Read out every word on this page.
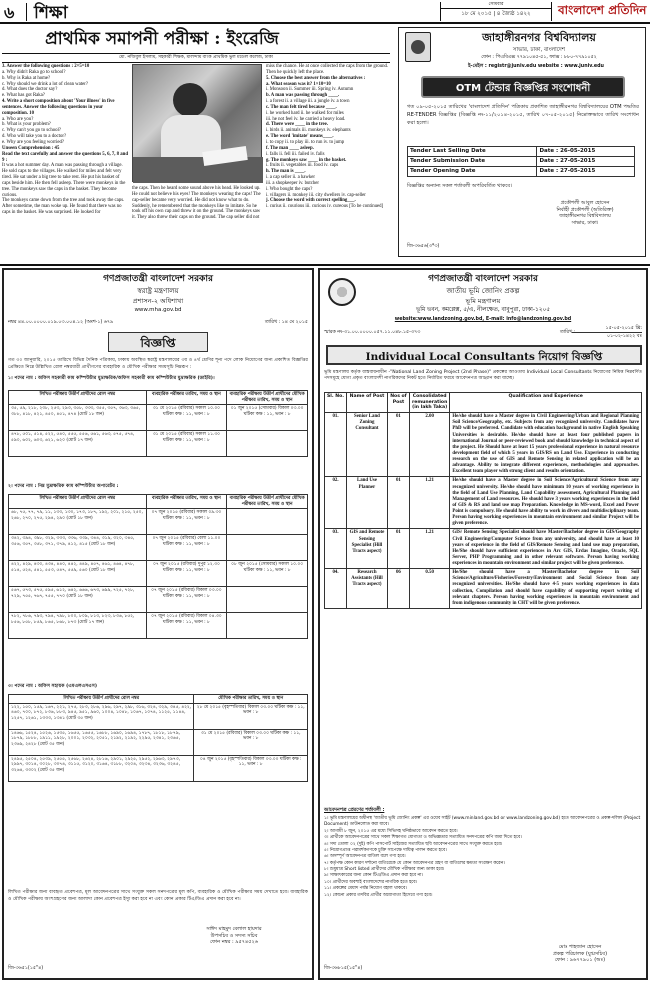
৬ শিক্ষা	সোমবার
১৮ মে ২০১৫ | ৪ জ্যৈষ্ঠ ১৪২২	বাংলাদেশ প্রতিদিন
প্রাথমিক সমাপনী পরীক্ষা : ইংরেজি
মো. নজিবুল ইসলাম, সহকারী শিক্ষক, মালন্দাম বাংক প্রাথমিক ভুল মডেল কলেজ, ঢাকা
3. Answer the following questions : 2×5=10
a. Why didn't Raka go to school?
b. Why is Raka at home?
c. Why should we drink a lot of clean water?
d. What does the doctor say?
e. What has got Raka?
4. Write a short composition about 'Your illness' in five sentences. Answer the following questions in your composition. 10
a. Who are you?
b. What is your problem?
c. Why can't you go to school?
d. Who will take you to a doctor?
e. Why are you feeling worried?
Unseen Comprehension : 45
Read the text carefully and answer the questions 5, 6, 7, 8 and 9 :
It was a hot summer day. A man was passing through a village. He sold caps to the villages. He walked for miles and felt very tired. He sat under a big tree to take rest. He put his basket of caps beside him. He then fell asleep. There were monkeys in the tree. The monkeys saw the caps in the basket. They become curious.
The monkeys came down from the tree and took away the caps. After sometime, the man woke up. He found that there was no caps in the basket. He was surprised. He looked for
the caps. Then he heard some sound above his head. He looked up. He could not believe his eyes! The monkeys wearing the caps! The cap-seller became very worried. He did not know what to do. Suddenly, he remembered that the monkeys like to imitate. So he took off his own cap and threw it on the ground. The monkeys saw it. They also threw their caps on the ground. The cap seller did not
miss the chance. He at once collected the caps from the ground. Then he quickly left the place.
5. Choose the best answer from the alternatives :
a. What season was it? 1×10=10
i. Monsoon ii. Summer iii. Spring iv. Autumn
b. A man was passing through ____.
i. a forest ii. a village iii. a jungle iv. a town
c. The man felt tired because ____.
i. he worked hard ii. he walked for miles
iii. he not feel iv. he carried a heavy load.
d. There were ____ in the tree.
i. birds ii. animals iii. monkeys iv. elephants
e. The word 'imitate' means____.
i. to copy ii. to play iii. to run iv. to jump
f. The man ____ asleep.
i. falls ii. fell iii. failed iv. falls
g. The monkeys saw ____ in the basket.
i. fruits ii. vegetables iii. food iv. caps
h. The man is ____.
i. a cap seller ii. a hawker
iii. a shopkeeper iv. butcher
i. Who bought the caps?
i. villagers ii. monkey iii. city dwellers iv. cap-seller
j. Choose the word with correct spelling___.
i. curius ii. courious iii. curious iv. cureous [To be continued]
জাহাঙ্গীরনগর বিশ্ববিদ্যালয়
সাভার, ঢাকা, বাংলাদেশ
ফোন : পিএবিএক্স ৭৭৯১০৪৫-৫১, ফ্যাক্স : ৮৮০-৭৭৯১০৫২
ই-মেইল : registr@juniv.edu website : www.juniv.edu
OTM টেন্ডার বিজ্ঞপ্তির সংশোধনী
গত ০৯-০৫-২০১৫ তারিখের 'বাংলাদেশ প্রতিদিন' পত্রিকায় প্রকাশিত জাহাঙ্গীরনগর বিশ্ববিদ্যালয়ের OTM পদ্ধতির RE-TENDER বিজ্ঞপ্তির (বিজ্ঞপ্তি নং-১১/২০১৪-২০১৫, তারিখ ০৭-০৫-২০১৫) নিম্নোক্তভাবে তারিখ সংশোধন করা হলো।
Tender Last Selling Date	Date : 26-05-2015
Tender Submission Date	Date : 27-05-2015
Tender Opening Date	Date : 27-05-2015
বিজ্ঞপ্তির অন্যান্য সকল শর্তাবলী অপরিবর্তিত থাকবে।
প্রকৌশলী আবুল হোসেন
নির্বাহী প্রকৌশলী (অতিরিক্ত)
জাহাঙ্গীরনগর বিশ্ববিদ্যালয়
সাভার, ঢাকা।
জি-৩৬৫৬(৩*৩)
গণপ্রজাতন্ত্রী বাংলাদেশ সরকার
স্বরাষ্ট্র মন্ত্রণালয়
প্রশাসন-২ অধিশাখা
www.mha.gov.bd
নম্বর ৪৪.০০.০০০০.০১৯.০৩.০০৪.১২ (অংশ-১) ৬৭৯	তারিখ : ১৪ মে ২০১৫
বিজ্ঞপ্তি
গত ৩০ জানুয়ারি, ২০১৫ তারিখে বিভিন্ন দৈনিক পত্রিকায়, ঢাকায় অবস্থিত স্বরাষ্ট্র মন্ত্রণালয়ের ৩য় ও ৪র্থ শ্রেণির শূন্য পদে লোক নিয়োগের জন্য প্রকাশিত বিজ্ঞপ্তির প্রেক্ষিতে নিম্নে উল্লিখিত রোল নম্বরধারী প্রার্থীগণের ব্যবহারিক ও মৌখিক পরীক্ষার সময়সূচি নিম্নরূপ :
১। পদের নাম : অফিস সহকারী কাম কম্পিউটার মুদ্রাক্ষরিক/অফিস সহকারী কাম কম্পিউটার মুদ্রাক্ষরিক (ডাইরি)।
লিখিত পরীক্ষায় উত্তীর্ণ প্রার্থীদের রোল নম্বর	ব্যবহারিক পরীক্ষার তারিখ, সময় ও স্থান	ব্যবহারিক পরীক্ষায় উত্তীর্ণ প্রার্থীদের মৌখিক পরীক্ষার তারিখ, সময় ও স্থান
৩৫, ৫৯, ২১৮, ২৩৮, ২৫৩, ২৯৩, ৩৫৮, ৩৩৩, ৩৫৫, ৩৫৭, ৩৬৩, ৩৬৫, ৩৮৮, ৪১৮, ৪২১, ৪৫০, ৪৫১, ৪৭৪ (মোট ১৮ জন)	৩১ মে ২০১৫ (রবিবার) সকাল ১০.০০ ঘটিকা কক্ষ : ১১, ভবন : ৮	০১ জুন ২০১৫ (সোমবার) বিকাল ০৩.০০ ঘটিকা কক্ষ : ১১, ভবন : ৮
৪৭৮, ৫০১, ৫১৪, ৫২২, ৫৪০, ৫৫৫, ৫৫৬, ৫৬১, ৫৬৩, ৫৭৫, ৫৭৪, ৫৯০, ৬০২, ৬০৩, ৬২১, ৬২০ (মোট ১৭ জন)	৩১ মে ২০১৫ (রবিবার) সকাল ১১.৩০ ঘটিকা কক্ষ : ১১, ভবন : ৮	
২। পদের নাম : নিম্ন মুদ্রাক্ষরিক কাম কম্পিউটার অপারেটর :
লিখিত পরীক্ষায় উত্তীর্ণ প্রার্থীদের রোল নম্বর	ব্যবহারিক পরীক্ষার তারিখ, সময় ও স্থান	ব্যবহারিক পরীক্ষায় উত্তীর্ণ প্রার্থীদের মৌখিক পরীক্ষার তারিখ, সময় ও স্থান
৬৮, ৭৫, ৭৭, ৭৯, ১১, ১৩৩, ১৩০, ১৭৩, ১৮৭, ১৯২, ২০১, ২১৫, ২৫০, ২৬৮, ২৭০, ২৭৫, ২৯৪, ২৯০ (মোট ১৮ জন)	০৭ জুন ২০১৫ (রবিবার) সকাল ০৯.৩০ ঘটিকা কক্ষ : ১১, ভবন : ৮	
৩৪২, ৩৯৪, ৩৯৮, ৩২৯, ৩৩৩, ৩৩৬, ৩৩৯, ৩৪৪, ৩১৯, ৩২০, ৩৪৫, ৩৫৬, ৩৫৭, ৩৫৮, ৩৭১, ৩৭৯, ৪১২, ৪১৫ (মোট ১৮ জন)	০৭ জুন ২০১৫ (রবিবার) বেলা ১১.০০ ঘটিকা কক্ষ : ১১, ভবন : ৮	
৪২২, ৪২৯, ৪৩০, ৪৩৪, ৪৪০, ৪৪২, ৪৪৯, ৪৫৭, ৪৬১, ৪৬৪, ৪৭৮, ৫১৪, ৫২৪, ৫৪১, ৫৫৩, ৫৪৭, ৫৫৯, ৫৬০ (মোট ১৮ জন)	০৭ জুন ২০১৫ (রবিবার) দুপুর ১২.৩০ ঘটিকা কক্ষ : ১১, ভবন : ৮	০৮ জুন ২০১৫ (সোমবার) সকাল ১০.০০ ঘটিকা কক্ষ : ১১, ভবন : ৮
৫৬৭, ৫৭৩, ৫৭৫, ৫৯৫, ৬১২, ৬৪২, ৬৬৬, ৬৭৩, ৬৯৯, ৭২৫, ৭২৮, ৭২৯, ৭৫৫, ৭৬৭, ৭৫৫, ৭৭০ (মোট ১৮ জন)	০৭ জুন ২০১৫ (রবিবার) বিকাল ০৩.০০ ঘটিকা কক্ষ : ১১, ভবন : ৮	
৭৮২, ৭৮৬, ৭৯৩, ৭৯৪, ৭৯৮, ৮০০, ৮০৯, ৮১৩, ৮২৩, ৮৩৬, ৮৫২, ৮৫৬, ৮৫৮, ৮৫৯, ৮৬৫, ৮৬৮, ৮৭৩ (মোট ১৭ জন)	০৭ জুন ২০১৫ (রবিবার) বিকাল ০৪.৩০ ঘটিকা কক্ষ : ১১, ভবন : ৮	
৩। পদের নাম : অফিস সহায়ক (এমএলএসএস)
লিখিত পরীক্ষায় উত্তীর্ণ প্রার্থীদের রোল নম্বর	মৌখিক পরীক্ষার তারিখ, সময় ও স্থান
১২২, ১৫০, ১৫৯, ১৬৭, ২২১, ২৭৫, ২৮৩, ২৮৬, ২৯৬, ২৯৭, ২৯৮, ৩১৬, ৩২৪, ৩২৯, ৩৪৫, ৪২২, ৪৬০, ৭০০, ৮৭২, ৮৩৬, ৮৮৩, ৯৪৫, ৯৫১, ৯৬০, ১০০৪, ১০৪৮, ১০৬৭, ১০৭৪, ১১২৫, ১১৪৪, ১২৫৭, ১২৬১, ১৩৩৩, ১৩৪১ (মোট ৩৫ জন)	২৮ মে ২০১৫ (বৃহস্পতিবার) বিকাল ০৩.০০ ঘটিকা কক্ষ : ১১, ভবন : ৮
১৪৬৬, ১৫২৪, ১৫২৬, ১৫৩৫, ১৬৫৫, ১৬৫৫, ১৬৮৮, ১৬৯০, ১৬৯৪, ১৭৮৭, ১৮১৮, ১৮৭৯, ১৮৭৯, ১৮৮৮, ১৯১১, ১৯২৮, ২০০১, ২০৩২, ২০৫১, ২১৯২, ২১৯২, ২২৯৫, ২৩৪১, ২৩৬৫, ২৩৬৯, ২৪২৮ (মোট ৩৫ জন)	৩১ মে ২০১৫ (রবিবার) বিকাল ০৩.০০ ঘটিকা কক্ষ : ১১, ভবন : ৮
২৪৯৫, ২৫০৪, ২৫৩৯, ২৫৫৫, ২৫৬৮, ২৬২৪, ২৮১৬, ২৯০১, ২৯২৫, ২৯৫২, ২৯৬৩, ২৯৭৩, ২৯৯৭, ৩০১৪, ৩০২৮, ৩০৭৪, ৩১১৫, ৩১২০, ৩১৬৪, ৩১৮৮, ৩২০৪, ৩২৩৪, ৩২৩৬, ৩২৪৫, ৩২৬৪, ৩৩০২ (মোট ৩৫ জন)	০৪ জুন ২০১৫ (বৃহস্পতিবার) বিকাল ০৩.০০ ঘটিকা কক্ষ : ১১, ভবন : ৮
লিখিত পরীক্ষার জন্য বাবহৃত প্রবেশপত্র, মূল আবেদনপত্রের সাথে সংযুক্ত সকল সনদপত্রের মূল কপি, ব্যবহারিক ও মৌখিক পরীক্ষার সময় দেখাতে হবে। ব্যবহারিক ও মৌখিক পরীক্ষায় অংশগ্রহণের জন্য আলাদা কোন প্রবেশপত্র ইস্যু করা হবে না এবং কোন প্রকার টিএ/ডিএ প্রদান করা হবে না।
সাঈদ মাহমুদ বেলাল হায়দার
উপসচিব ও সদস্য সচিব
ফোন নম্বর : ৯৫৭৪৫২৬
জি-৩৬৫১(১৫"৪)
গণপ্রজাতন্ত্রী বাংলাদেশ সরকার
জাতীয় ভূমি জোনিং প্রকল্প
ভূমি মন্ত্রণালয়
ভূমি ভবন, কমপ্লেক্স, ৫/এ, নীলক্ষেত, বাবুপুরা, ঢাকা-১২০৫
website:www.landzoning.gov.bd, E-mail: info@landzoning.gov.bd
স্মারক নং-৩১.০০.০০০০.০৫৭.১১.০৪৮.১৫-৩৭৩	তারিখ :
১৫-০৫-২০১৫ খ্রি:
০১-০২-১৪২২ বঃ
Individual Local Consultants নিয়োগ বিজ্ঞপ্তি
ভূমি মন্ত্রণালয় কর্তৃক বাস্তবায়নাধীন -"National Land Zoning Project (2nd Phase)" প্রকল্পের আওতায় Individual Local Consultants নিয়োগের নিমিত্ত নিম্নবর্ণিত পদসমূহে যোগ্য প্রকৃত বাংলাদেশী নাগরিকদের নিকট হতে নির্ধারিত ফরমে আবেদনপত্র আহ্বান করা যাচ্ছে।
Sl. No.	Name of Post	Nos of Post	Consolidated remuneration (in lakh Taka)	Qualification and Experience
01.	Senior Land Zoning Consultant	01	2.00	He/she should have a Master degree in Civil Engineering/Urban and Regional Planning Soil Science/Geography, etc. Subjects from any recognized university. Candidates have PhD will be preferred. Candidate with education background in native English Speaking Universities is desirable. He/she should have at least four published papers in international Journal or peer-reviewed book and should knowledge in technical aspect of the project. He Should have at least 15 years professional experience in natural resource development field of which 5 years in GIS/RS on Land Use. Experience in conducting research on the use of GIS and Remote Sensing in related application will be an advantage. Ability to integrate different experiences, methodologies and approaches. Excellent team player with strong client and results orientation.
02.	Land Use Planner	01	1.21	He/she should have a Master degree in Soil Science/Agricultural Science from any recognized university. He/she should have minimum 10 years of working experience in the field of Land Use Planning, Land Capability assessment, Agricultural Planning and Management of Land resources. He should have 3 years working experiences in the field of GIS & RS and land use map Preparation. Knowledge in MS-word, Excel and Power Point is compulsory. He should have ability to work in divers and multidisciplinary team. Person having working experiences in mountain environment and similar Project will be given preference.
03.	GIS and Remote Sensing Specialist (Hill Tracts aspect)	01	1.21	GIS/ Remote Sensing Specialist should have Master/Bachelor degree in GIS/Geography Civil Engineering/Computer Science from any university, and should have at least 10 years of experience in the field of GIS/Remote Sensing and land use map preparation, He/She should have sufficient experiences in Arc GIS, Erdas Imagine, Oracle, SQL Server, PHP Programming and in other relevant software. Person having working experiences in mountain environment and similar project will be given preference.
04.	Research Assistants (Hill Tracts aspect)	06	0.50	He/She should have a Master/Bachelor degree in Soil Science/Agriculture/Fisheries/Forestry/Environment and Social Science from any recognized universities. He/She should have 4-5 years working experiences in data collection, Compilation and should have capability of supporting report writing of relevant chapters. Person having working experiences in mountain environment and from indigenous community in CHT will be given preference.
আবেদনপত্র প্রেরণের শর্তাবলী :
১। ভূমি মন্ত্রণালয়ের অধীনস্থ 'জাতীয় ভূমি জোনিং প্রকল্প' এর ওয়েব সাইট (www.minland.gov.bd or www.landzoning.gov.bd) হতে আবেদনপত্রের ও প্রকল্প-দলিল (Project Document) ডাউনলোড করা যাবে।
২। আগামী ৮ জুন, ২০১৫ এর মধ্যে সিভিসহ ঘনিষ্ঠভাবে আবেদন করতে হবে।
৩। প্রার্থীকে আবেদনপত্রের সাথে সকল শিক্ষাগত যোগ্যতা ও অভিজ্ঞতার সত্যায়িত সনদপত্রের কপি জমা দিতে হবে।
৪। সদ্য তোলা ০২ (দুই) কপি পাসপোর্ট সাইজের সত্যায়িত ছবি আবেদনপত্রের সাথে সংযুক্ত করতে হবে।
৫। নিয়োগপ্রাপ্ত পরামর্শকগণকে চুক্তি সাপেক্ষে দায়িত্ব পালন করতে হবে।
৬। অসম্পূর্ণ আবেদনপত্র বাতিল বলে গণ্য হবে।
৭। কর্তৃপক্ষ কোন কারণ দর্শানো ব্যতিরেকে যে কোন আবেদনপত্র গ্রহণ বা বাতিলের ক্ষমতা সংরক্ষণ করেন।
৮। শুধুমাত্র Short listed প্রার্থীদের মৌখিক পরীক্ষার জন্য ডাকা হবে।
৯। সাক্ষাৎকারের জন্য কোন টিএ/ডিএ প্রদান করা হবে না।
১০। প্রার্থীদের অবশ্যই বাংলাদেশের নাগরিক হতে হবে।
১১। প্রকল্পের মেয়াদ পর্যন্ত নিয়োগ বহাল থাকবে।
১২। কোনো প্রকার তদবির প্রার্থীর অযোগ্যতা হিসেবে গণ্য হবে।
মোঃ শাহজান হোসেন
প্রকল্প পরিচালক (যুগ্মসচিব)
ফোন : ৯৬৭৭৯০১ (অঃ)
জি-৩৬৮১৫(১৫"৪)
